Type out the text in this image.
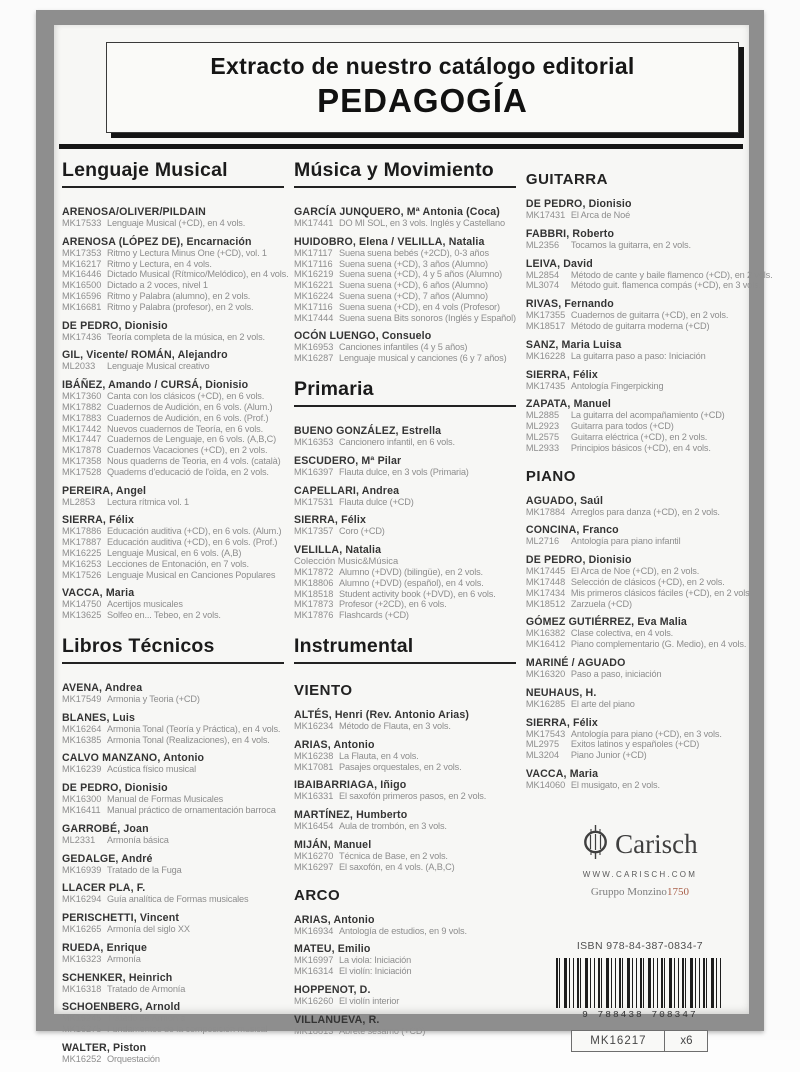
Extracto de nuestro catálogo editorial
PEDAGOGÍA
Lenguaje Musical
ARENOSA/OLIVER/PILDAIN
MK17533 Lenguaje Musical (+CD), en 4 vols.
ARENOSA (LÓPEZ DE), Encarnación
MK17353 Ritmo y Lectura Minus One (+CD), vol. 1
MK16217 Ritmo y Lectura, en 4 vols.
MK16446 Dictado Musical (Rítmico/Melódico), en 4 vols.
MK16500 Dictado a 2 voces, nivel 1
MK16596 Ritmo y Palabra (alumno), en 2 vols.
MK16681 Ritmo y Palabra (profesor), en 2 vols.
DE PEDRO, Dionisio
MK17436 Teoría completa de la música, en 2 vols.
GIL, Vicente/ ROMÁN, Alejandro
ML2033	Lenguaje Musical creativo
IBÁÑEZ, Amando / CURSÁ, Dionisio
MK17360 Canta con los clásicos (+CD), en 6 vols.
MK17882 Cuadernos de Audición, en 6 vols. (Alum.)
MK17883 Cuadernos de Audición, en 6 vols. (Prof.)
MK17442 Nuevos cuadernos de Teoría, en 6 vols.
MK17447 Cuadernos de Lenguaje, en 6 vols. (A,B,C)
MK17878 Cuadernos Vacaciones (+CD), en 2 vols.
MK17358 Nous quaderns de Teoria, en 4 vols. (català)
MK17528 Quaderns d'educació de l'oïda, en 2 vols.
PEREIRA, Angel
ML2853	Lectura rítmica vol. 1
SIERRA, Félix
MK17886 Educación auditiva (+CD), en 6 vols. (Alum.)
MK17887 Educación auditiva (+CD), en 6 vols. (Prof.)
MK16225 Lenguaje Musical, en 6 vols. (A,B)
MK16253 Lecciones de Entonación, en 7 vols.
MK17526 Lenguaje Musical en Canciones Populares
VACCA, Maria
MK14750 Acertijos musicales
MK13625 Solfeo en... Tebeo, en 2 vols.
Libros Técnicos
AVENA, Andrea
MK17549 Armonia y Teoria (+CD)
BLANES, Luis
MK16264 Armonia Tonal (Teoría y Práctica), en 4 vols.
MK16385 Armonia Tonal (Realizaciones), en 4 vols.
CALVO MANZANO, Antonio
MK16239 Acústica físico musical
DE PEDRO, Dionisio
MK16300 Manual de Formas Musicales
MK16411 Manual práctico de ornamentación barroca
GARROBÉ, Joan
ML2331	Armonía básica
GEDALGE, André
MK16939 Tratado de la Fuga
LLACER PLA, F.
MK16294 Guía analítica de Formas musicales
PERISCHETTI, Vincent
MK16265 Armonía del siglo XX
RUEDA, Enrique
MK16323 Armonía
SCHENKER, Heinrich
MK16318 Tratado de Armonía
SCHOENBERG, Arnold
MK16245 Tratado de Armonía
MK16275 Fundamentos de la composición musical
WALTER, Piston
MK16252 Orquestación
Música y Movimiento
GARCÍA JUNQUERO, Mª Antonia (Coca)
MK17441 DO MI SOL, en 3 vols. Inglés y Castellano
HUIDOBRO, Elena / VELILLA, Natalia
MK17117 Suena suena bebés (+2CD), 0-3 años
MK17116 Suena suena (+CD), 3 años (Alumno)
MK16219 Suena suena (+CD), 4 y 5 años (Alumno)
MK16221 Suena suena (+CD), 6 años (Alumno)
MK16224 Suena suena (+CD), 7 años (Alumno)
MK17116 Suena suena (+CD), en 4 vols (Profesor)
MK17444 Suena suena Bits sonoros (Inglés y Español)
OCÓN LUENGO, Consuelo
MK16953 Canciones infantiles (4 y 5 años)
MK16287 Lenguaje musical y canciones (6 y 7 años)
Primaria
BUENO GONZÁLEZ, Estrella
MK16353 Cancionero infantil, en 6 vols.
ESCUDERO, Mª Pilar
MK16397 Flauta dulce, en 3 vols (Primaria)
CAPELLARI, Andrea
MK17531 Flauta dulce (+CD)
SIERRA, Félix
MK17357 Coro (+CD)
VELILLA, Natalia
Colección Music&Música
MK17872 Alumno (+DVD) (bilingüe), en 2 vols.
MK18806 Alumno (+DVD) (español), en 4 vols.
MK18518 Student activity book (+DVD), en 6 vols.
MK17873 Profesor (+2CD), en 6 vols.
MK17876 Flashcards (+CD)
Instrumental
VIENTO
ALTÉS, Henri (Rev. Antonio Arias)
MK16234 Método de Flauta, en 3 vols.
ARIAS, Antonio
MK16238 La Flauta, en 4 vols.
MK17081 Pasajes orquestales, en 2 vols.
IBAIBARRIAGA, Iñigo
MK16331 El saxofón primeros pasos, en 2 vols.
MARTÍNEZ, Humberto
MK16454 Aula de trombón, en 3 vols.
MIJÁN, Manuel
MK16270 Técnica de Base, en 2 vols.
MK16297 El saxofón, en 4 vols. (A,B,C)
ARCO
ARIAS, Antonio
MK16934 Antología de estudios, en 9 vols.
MATEU, Emilio
MK16997 La viola: Iniciación
MK16314 El violín: Iniciación
HOPPENOT, D.
MK16260 El violín interior
VILLANUEVA, R.
MK18813 Abrete sésamo (+CD)
GUITARRA
DE PEDRO, Dionisio
MK17431 El Arca de Noé
FABBRI, Roberto
ML2356	Tocamos la guitarra, en 2 vols.
LEIVA, David
ML2854	Método de cante y baile flamenco (+CD), en 2 vols.
ML3074	Método guit. flamenca compás (+CD), en 3 vols.
RIVAS, Fernando
MK17355 Cuadernos de guitarra (+CD), en 2 vols.
MK18517 Método de guitarra moderna (+CD)
SANZ, Maria Luisa
MK16228 La guitarra paso a paso: Iniciación
SIERRA, Félix
MK17435 Antología Fingerpicking
ZAPATA, Manuel
ML2885	La guitarra del acompañamiento (+CD)
ML2923	Guitarra para todos (+CD)
ML2575	Guitarra eléctrica (+CD), en 2 vols.
ML2933	Principios básicos (+CD), en 4 vols.
PIANO
AGUADO, Saúl
MK17884 Arreglos para danza (+CD), en 2 vols.
CONCINA, Franco
ML2716	Antología para piano infantil
DE PEDRO, Dionisio
MK17445 El Arca de Noe (+CD), en 2 vols.
MK17448 Selección de clásicos (+CD), en 2 vols.
MK17434 Mis primeros clásicos fáciles (+CD), en 2 vols.
MK18512 Zarzuela (+CD)
GÓMEZ GUTIÉRREZ, Eva Malia
MK16382 Clase colectiva, en 4 vols.
MK16412 Piano complementario (G. Medio), en 4 vols.
MARINÉ / AGUADO
MK16320 Paso a paso, iniciación
NEUHAUS, H.
MK16285 El arte del piano
SIERRA, Félix
MK17543 Antología para piano (+CD), en 3 vols.
ML2975	Exitos latinos y españoles (+CD)
ML3204	Piano Junior (+CD)
VACCA, Maria
MK14060 El musigato, en 2 vols.
Carisch
WWW.CARISCH.COM
Gruppo Monzino1750
ISBN 978-84-387-0834-7
9 788438 708347
MK16217	x6
